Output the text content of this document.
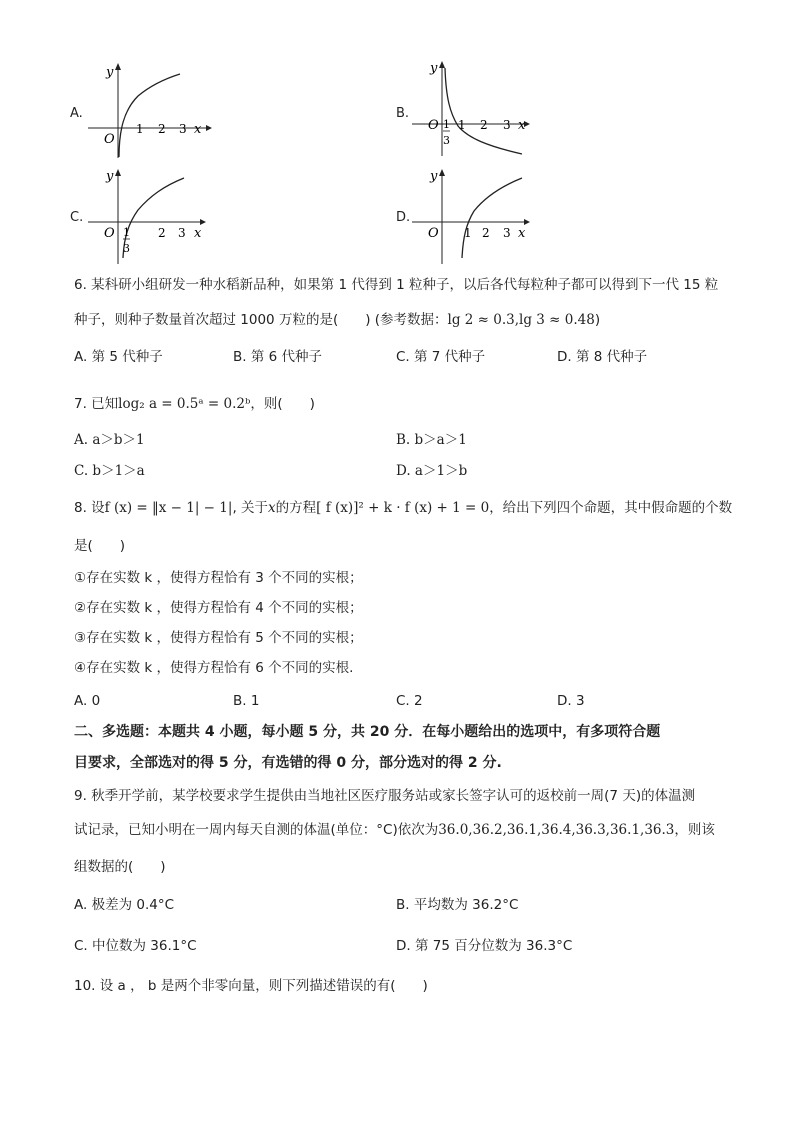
A.
y
O
1 2 3 x
B.
y
O 1
3
1 2 3 x
C.
y
O 1
3
2 3 x
D.
y
O 1 2 3 x
6. 某科研小组研发一种水稻新品种，如果第 1 代得到 1 粒种子，以后各代每粒种子都可以得到下一代 15 粒
种子，则种子数量首次超过 1000 万粒的是(　　) (参考数据：lg 2 ≈ 0.3,lg 3 ≈ 0.48)
A. 第 5 代种子	B. 第 6 代种子	C. 第 7 代种子	D. 第 8 代种子
7. 已知log₂ a = 0.5ᵃ = 0.2ᵇ，则(　　)
A. a＞b＞1	B. b＞a＞1
C. b＞1＞a	D. a＞1＞b
8. 设f (x) = ‖x − 1| − 1|, 关于x的方程[ f (x)]² + k · f (x) + 1 = 0，给出下列四个命题，其中假命题的个数
是(　　)
①存在实数 k ，使得方程恰有 3 个不同的实根；
②存在实数 k ，使得方程恰有 4 个不同的实根；
③存在实数 k ，使得方程恰有 5 个不同的实根；
④存在实数 k ，使得方程恰有 6 个不同的实根.
A. 0	B. 1	C. 2	D. 3
二、多选题：本题共 4 小题，每小题 5 分，共 20 分．在每小题给出的选项中，有多项符合题
目要求，全部选对的得 5 分，有选错的得 0 分，部分选对的得 2 分.
9. 秋季开学前，某学校要求学生提供由当地社区医疗服务站或家长签字认可的返校前一周(7 天)的体温测
试记录，已知小明在一周内每天自测的体温(单位：°C)依次为36.0,36.2,36.1,36.4,36.3,36.1,36.3，则该
组数据的(　　)
A. 极差为 0.4°C	B. 平均数为 36.2°C
C. 中位数为 36.1°C	D. 第 75 百分位数为 36.3°C
10. 设 a ， b 是两个非零向量，则下列描述错误的有(　　)
